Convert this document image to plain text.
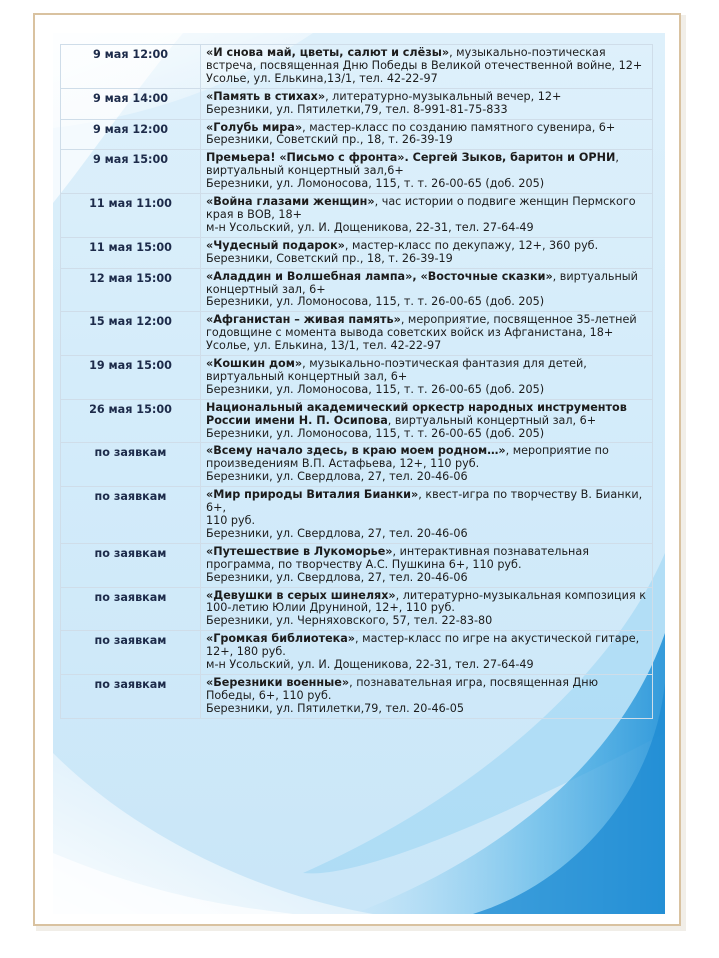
9 мая 12:00	«И снова май, цветы, салют и слёзы», музыкально-поэтическая встреча, посвященная Дню Победы в Великой отечественной войне, 12+
Усолье, ул. Елькина,13/1, тел. 42-22-97

9 мая 14:00	«Память в стихах», литературно-музыкальный вечер, 12+
Березники, ул. Пятилетки,79, тел. 8-991-81-75-833

9 мая 12:00	«Голубь мира», мастер-класс по созданию памятного сувенира, 6+
Березники, Советский пр., 18, т. 26-39-19

9 мая 15:00	Премьера! «Письмо с фронта». Сергей Зыков, баритон и ОРНИ, виртуальный концертный зал,6+
Березники, ул. Ломоносова, 115, т. т. 26-00-65 (доб. 205)

11 мая 11:00	«Война глазами женщин», час истории о подвиге женщин Пермского края в ВОВ, 18+
м-н Усольский, ул. И. Дощеникова, 22-31, тел. 27-64-49

11 мая 15:00	«Чудесный подарок», мастер-класс по декупажу, 12+, 360 руб.
Березники, Советский пр., 18, т. 26-39-19

12 мая 15:00	«Аладдин и Волшебная лампа», «Восточные сказки», виртуальный концертный зал, 6+
Березники, ул. Ломоносова, 115, т. т. 26-00-65 (доб. 205)

15 мая 12:00	«Афганистан – живая память», мероприятие, посвященное 35-летней годовщине с момента вывода советских войск из Афганистана, 18+
Усолье, ул. Елькина, 13/1, тел. 42-22-97

19 мая 15:00	«Кошкин дом», музыкально-поэтическая фантазия для детей, виртуальный концертный зал, 6+
Березники, ул. Ломоносова, 115, т. т. 26-00-65 (доб. 205)

26 мая 15:00	Национальный академический оркестр народных инструментов России имени Н. П. Осипова, виртуальный концертный зал, 6+
Березники, ул. Ломоносова, 115, т. т. 26-00-65 (доб. 205)

по заявкам	«Всему начало здесь, в краю моем родном…», мероприятие по произведениям В.П. Астафьева, 12+, 110 руб.
Березники, ул. Свердлова, 27, тел. 20-46-06

по заявкам	«Мир природы Виталия Бианки», квест-игра по творчеству В. Бианки, 6+,
110 руб.
Березники, ул. Свердлова, 27, тел. 20-46-06

по заявкам	«Путешествие в Лукоморье», интерактивная познавательная программа, по творчеству А.С. Пушкина 6+, 110 руб.
Березники, ул. Свердлова, 27, тел. 20-46-06

по заявкам	«Девушки в серых шинелях», литературно-музыкальная композиция к 100-летию Юлии Друниной, 12+, 110 руб.
Березники, ул. Черняховского, 57, тел. 22-83-80

по заявкам	«Громкая библиотека», мастер-класс по игре на акустической гитаре, 12+, 180 руб.
м-н Усольский, ул. И. Дощеникова, 22-31, тел. 27-64-49

по заявкам	«Березники военные», познавательная игра, посвященная Дню Победы, 6+, 110 руб.
Березники, ул. Пятилетки,79, тел. 20-46-05
